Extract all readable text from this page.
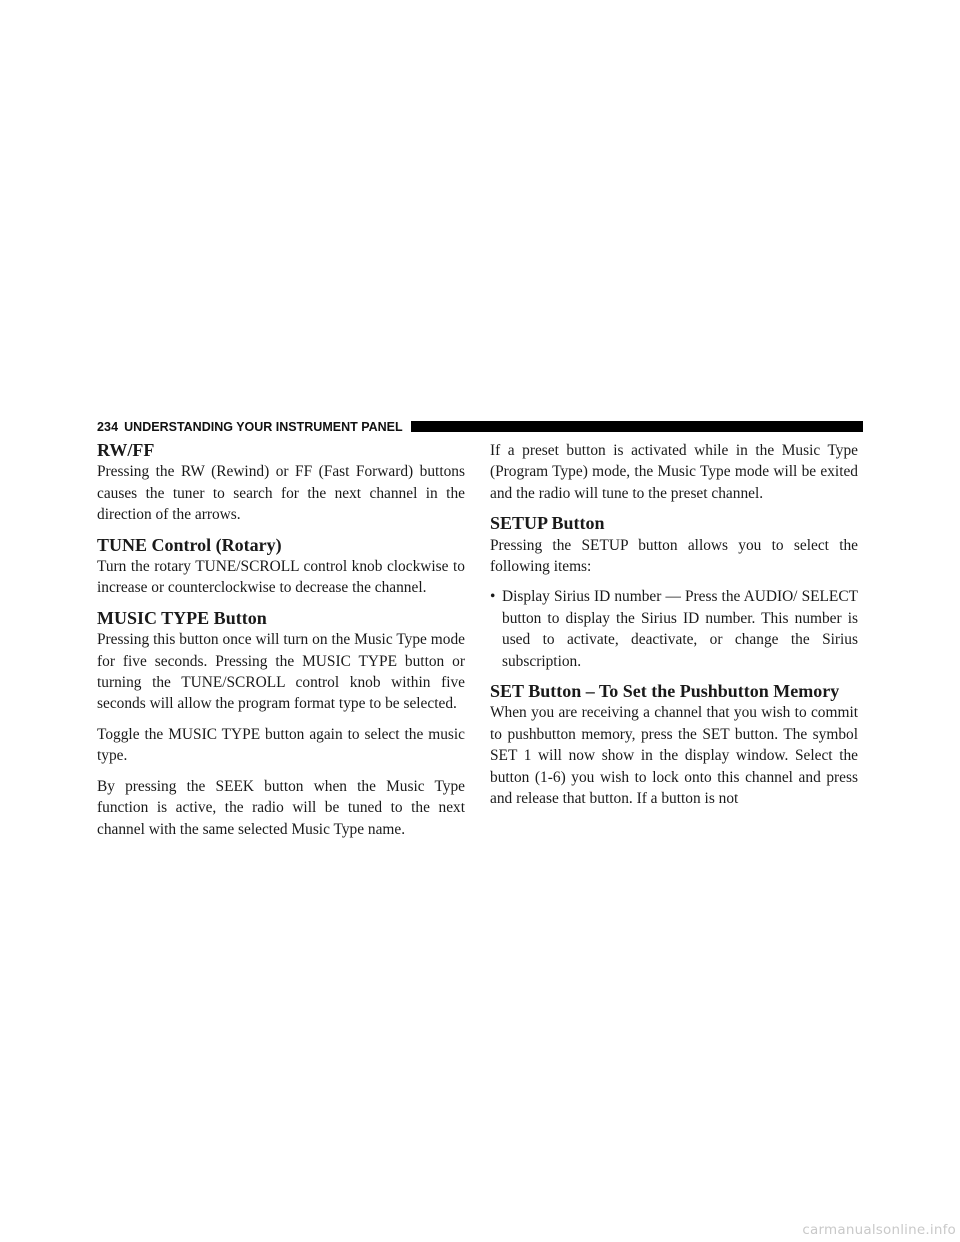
234 UNDERSTANDING YOUR INSTRUMENT PANEL
RW/FF

Pressing the RW (Rewind) or FF (Fast Forward) buttons causes the tuner to search for the next channel in the direction of the arrows.

TUNE Control (Rotary)

Turn the rotary TUNE/SCROLL control knob clockwise to increase or counterclockwise to decrease the channel.

MUSIC TYPE Button

Pressing this button once will turn on the Music Type mode for five seconds. Pressing the MUSIC TYPE button or turning the TUNE/SCROLL control knob within five seconds will allow the program format type to be selected.

Toggle the MUSIC TYPE button again to select the music type.

By pressing the SEEK button when the Music Type function is active, the radio will be tuned to the next channel with the same selected Music Type name.

If a preset button is activated while in the Music Type (Program Type) mode, the Music Type mode will be exited and the radio will tune to the preset channel.

SETUP Button

Pressing the SETUP button allows you to select the following items:

• Display Sirius ID number — Press the AUDIO/ SELECT button to display the Sirius ID number. This number is used to activate, deactivate, or change the Sirius subscription.
SET Button – To Set the Pushbutton Memory

When you are receiving a channel that you wish to commit to pushbutton memory, press the SET button. The symbol SET 1 will now show in the display window. Select the button (1-6) you wish to lock onto this channel and press and release that button. If a button is not

carmanualsonline.info
